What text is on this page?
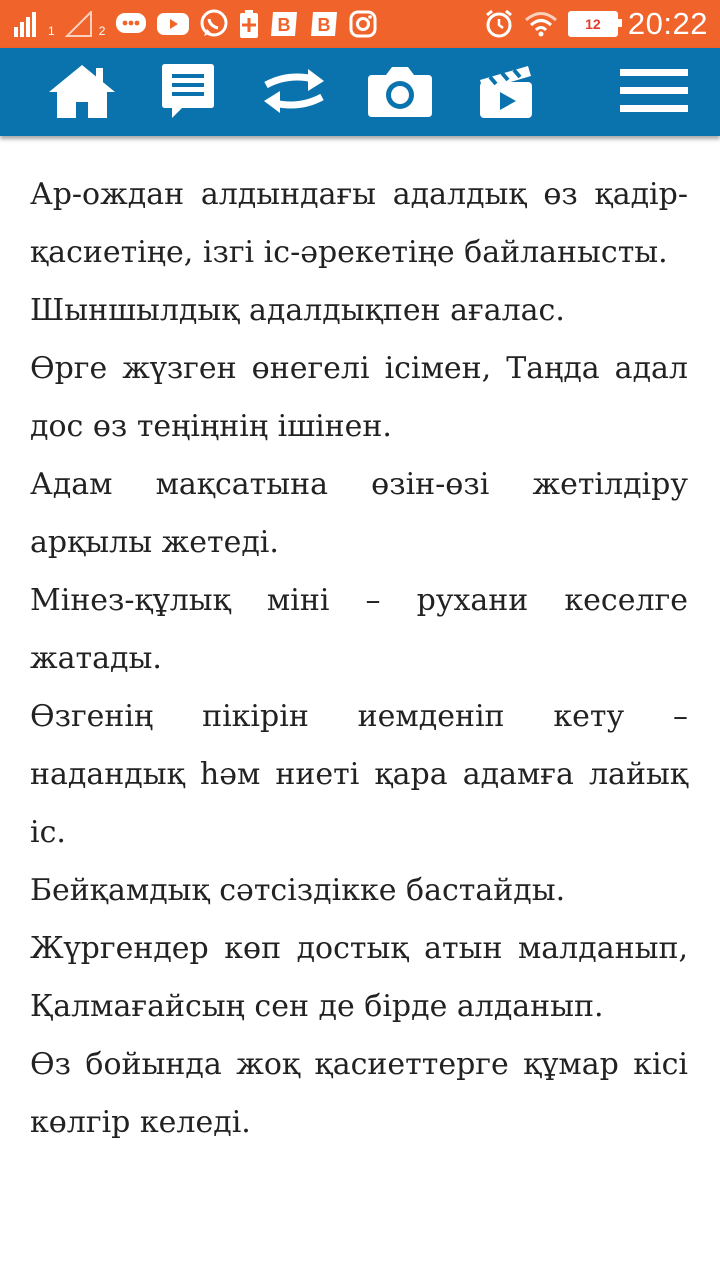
1	2	B B	12 20:22

Ар-ождан алдындағы адалдық өз қадір-қасиетіңе, ізгі іс-әрекетіңе байланысты.

Шыншылдық адалдықпен ағалас.

Өрге жүзген өнегелі ісімен, Таңда адал дос өз теңіңнің ішінен.

Адам мақсатына өзін-өзі жетілдіру арқылы жетеді.

Мінез-құлық міні – рухани кеселге жатады.

Өзгенің пікірін иемденіп кету – надандық һәм ниеті қара адамға лайық іс.

Бейқамдық сәтсіздікке бастайды.

Жүргендер көп достық атын малданып, Қалмағайсың сен де бірде алданып.

Өз бойында жоқ қасиеттерге құмар кісі көлгір келеді.
